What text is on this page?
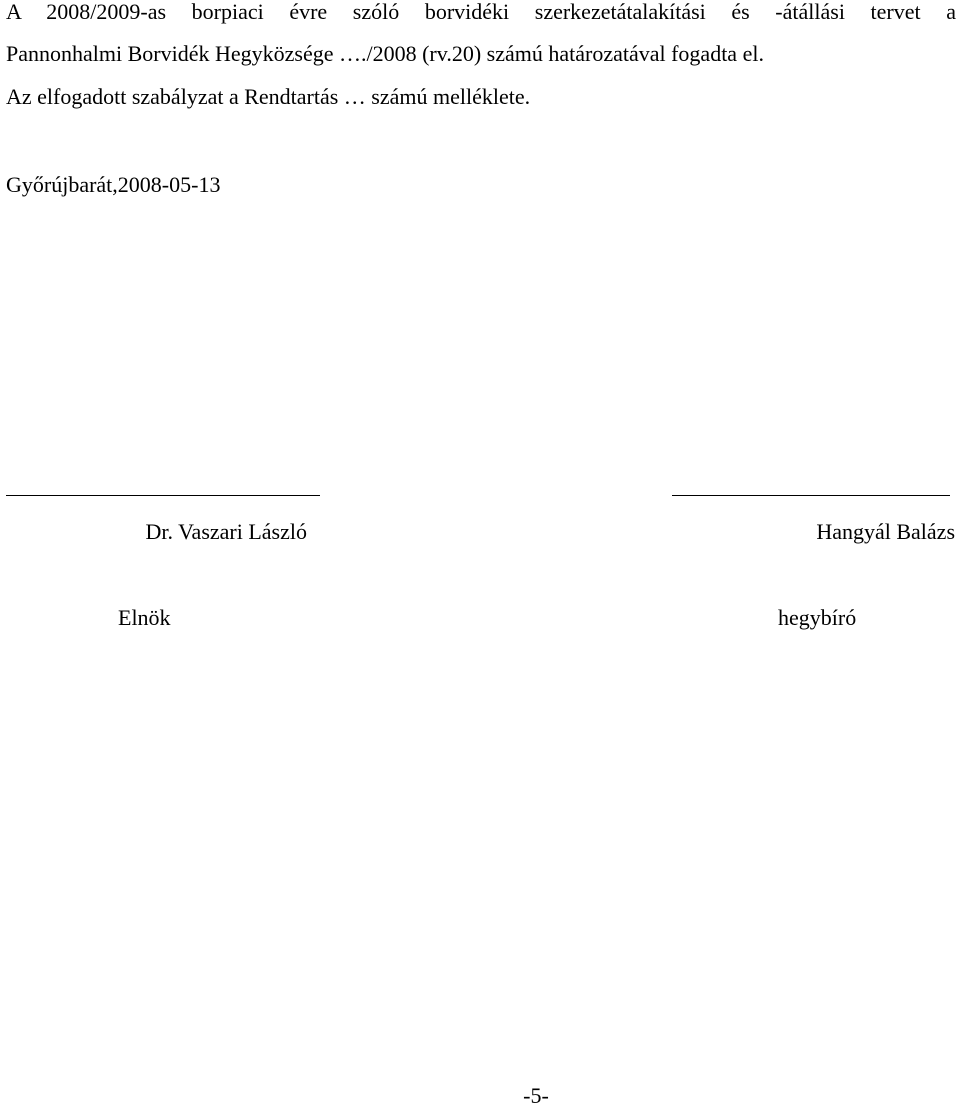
A 2008/2009-as borpiaci évre szóló borvidéki szerkezetátalakítási és -átállási tervet a
Pannonhalmi Borvidék Hegyközsége …./2008 (rv.20) számú határozatával fogadta el.
Az elfogadott szabályzat a Rendtartás … számú melléklete.
Győrújbarát,2008-05-13
Dr. Vaszari László	Hangyál Balázs
Elnök	hegybíró
-5-
